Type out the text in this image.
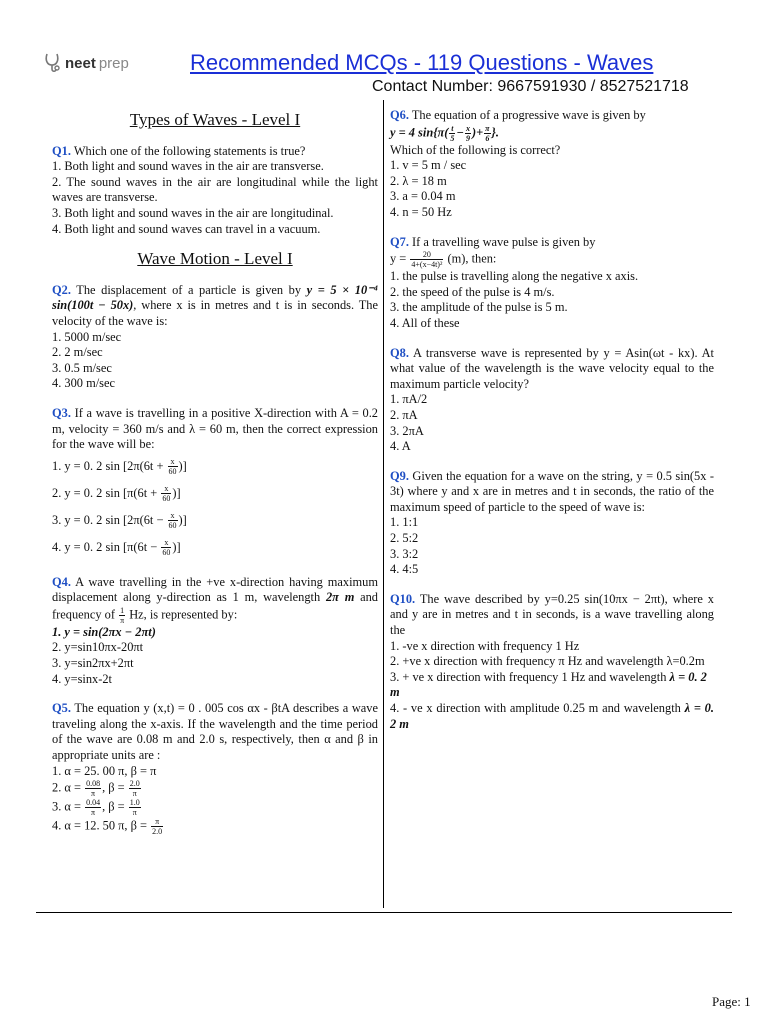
neet prep	Recommended MCQs - 119 Questions - Waves
Contact Number: 9667591930 / 8527521718
Types of Waves - Level I
Q1. Which one of the following statements is true?
1. Both light and sound waves in the air are transverse.
2. The sound waves in the air are longitudinal while the light waves are transverse.
3. Both light and sound waves in the air are longitudinal.
4. Both light and sound waves can travel in a vacuum.
Wave Motion - Level I
Q2. The displacement of a particle is given by y = 5 × 10⁻⁴ sin(100t − 50x), where x is in metres and t is in seconds. The velocity of the wave is:
1. 5000 m/sec
2. 2 m/sec
3. 0.5 m/sec
4. 300 m/sec
Q3. If a wave is travelling in a positive X-direction with A = 0.2 m, velocity = 360 m/s and λ = 60 m, then the correct expression for the wave will be:
1. y = 0. 2 $\sin [2\pi(6t + \frac{x}{60}$ )]
2. y = 0. 2 $\sin [\pi(6t + \frac{x}{60}$ )]
3. y = 0. 2 $\sin [2\pi(6t - \frac{x}{60}$ )]
4. y = 0. 2 $\sin [\pi(6t - \frac{x}{60}$ )]
Q4. A wave travelling in the +ve x-direction having maximum displacement along y-direction as 1 m, wavelength 2π m and frequency of $\frac{1}{\pi} Hz$, is represented by:
1. y = sin(2πx − 2πt)
2. y=sin10πx-20πt
3. y=sin2πx+2πt
4. y=sinx-2t
Q5. The equation y (x,t) = 0 . 005 cos αx - βtA describes a wave traveling along the x-axis. If the wavelength and the time period of the wave are 0.08 m and 2.0 s, respectively, then α and β in appropriate units are :
1. α = 25. 00 π, β = π
2. $\alpha = \frac{0.08}{\pi}$ , $\beta = \frac{2.0}{\pi}$
3. $\alpha = \frac{0.04}{\pi}$ , $\beta = \frac{1.0}{\pi}$
4. α = 12. 50 π, $\beta = \frac{\pi}{2.0}$
Q6. The equation of a progressive wave is given by
y = 4 $\sin\{\pi( \frac{t}{5} - \frac{x}{9}$ )+ $\frac{\pi}{6}$ }.
Which of the following is correct?
1. v = 5 m / sec
2. λ = 18 m
3. a = 0.04 m
4. n = 50 Hz
Q7. If a travelling wave pulse is given by
$y = \frac{20}{\text{4+(x−4t)²}} (m)$, then:
1. the pulse is travelling along the negative x axis.
2. the speed of the pulse is 4 m/s.
3. the amplitude of the pulse is 5 m.
4. All of these
Q8. A transverse wave is represented by y = Asin(ωt - kx). At what value of the wavelength is the wave velocity equal to the maximum particle velocity?
1. πA/2
2. πA
3. 2πA
4. A
Q9. Given the equation for a wave on the string, y = 0.5 sin(5x - 3t) where y and x are in metres and t in seconds, the ratio of the maximum speed of particle to the speed of wave is:
1. 1:1
2. 5:2
3. 3:2
4. 4:5
Q10. The wave described by y=0.25 sin(10πx − 2πt), where x and y are in metres and t in seconds, is a wave travelling along the
1. -ve x direction with frequency 1 Hz
2. +ve x direction with frequency π Hz and wavelength λ=0.2m
3. + ve x direction with frequency 1 Hz and wavelength λ = 0. 2 m
4. - ve x direction with amplitude 0.25 m and wavelength λ = 0. 2 m
Page: 1
